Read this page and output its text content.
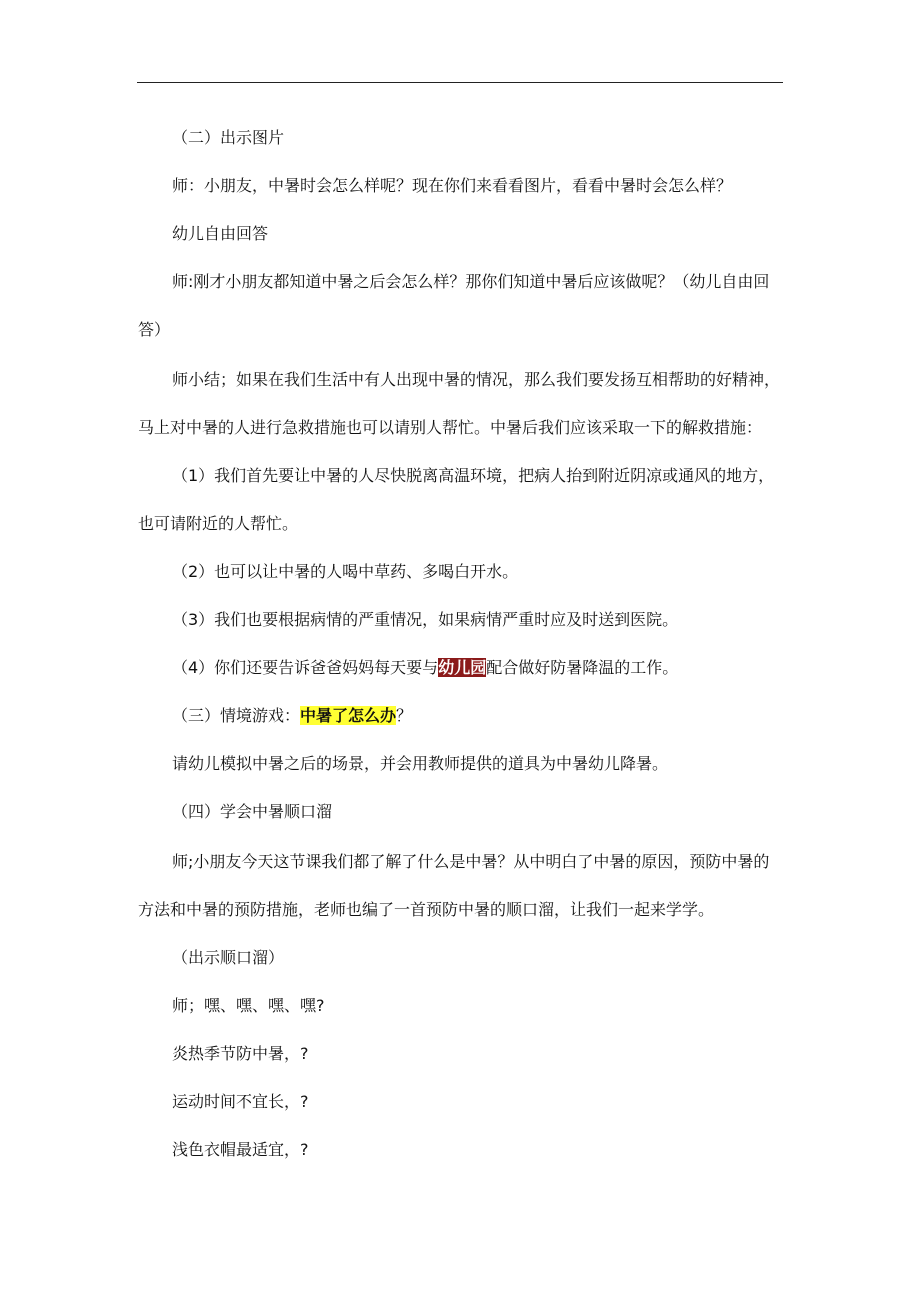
（二）出示图片
师：小朋友，中暑时会怎么样呢？现在你们来看看图片，看看中暑时会怎么样？
幼儿自由回答
师:刚才小朋友都知道中暑之后会怎么样？那你们知道中暑后应该做呢？（幼儿自由回
答）
师小结；如果在我们生活中有人出现中暑的情况，那么我们要发扬互相帮助的好精神，
马上对中暑的人进行急救措施也可以请别人帮忙。中暑后我们应该采取一下的解救措施：
（1）我们首先要让中暑的人尽快脱离高温环境，把病人抬到附近阴凉或通风的地方，
也可请附近的人帮忙。
（2）也可以让中暑的人喝中草药、多喝白开水。
（3）我们也要根据病情的严重情况，如果病情严重时应及时送到医院。
（4）你们还要告诉爸爸妈妈每天要与幼儿园配合做好防暑降温的工作。
（三）情境游戏：中暑了怎么办？
请幼儿模拟中暑之后的场景，并会用教师提供的道具为中暑幼儿降暑。
（四）学会中暑顺口溜
师;小朋友今天这节课我们都了解了什么是中暑？从中明白了中暑的原因，预防中暑的
方法和中暑的预防措施，老师也编了一首预防中暑的顺口溜，让我们一起来学学。
（出示顺口溜）
师；嘿、嘿、嘿、嘿?
炎热季节防中暑，?
运动时间不宜长，?
浅色衣帽最适宜，?
